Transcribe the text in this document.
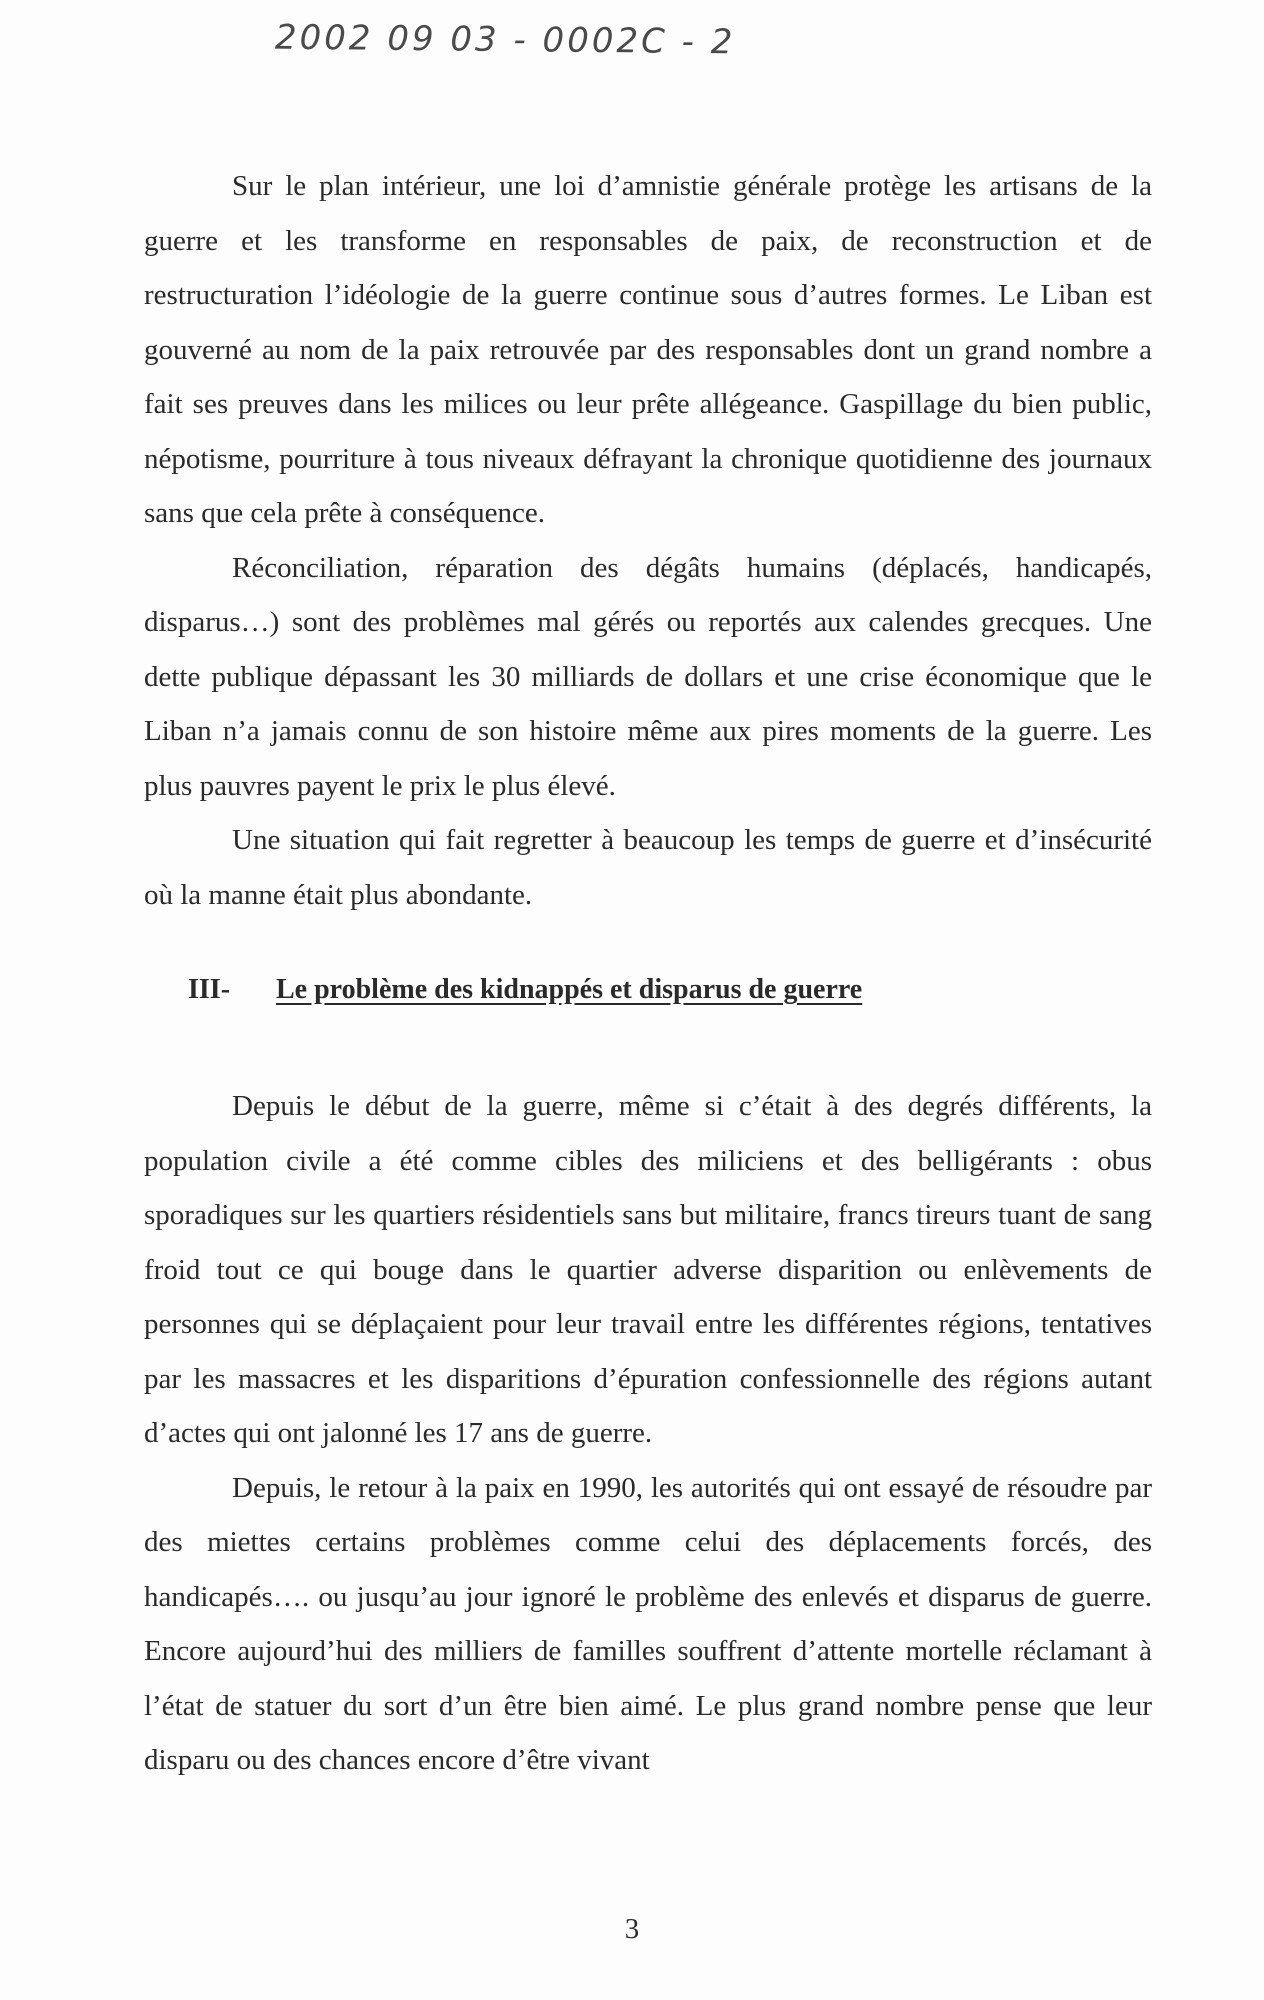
2002 09 03 - 0002C - 2

Sur le plan intérieur, une loi d’amnistie générale protège les artisans de la guerre et les transforme en responsables de paix, de reconstruction et de restructuration l’idéologie de la guerre continue sous d’autres formes. Le Liban est gouverné au nom de la paix retrouvée par des responsables dont un grand nombre a fait ses preuves dans les milices ou leur prête allégeance. Gaspillage du bien public, népotisme, pourriture à tous niveaux défrayant la chronique quotidienne des journaux sans que cela prête à conséquence.

Réconciliation, réparation des dégâts humains (déplacés, handicapés, disparus…) sont des problèmes mal gérés ou reportés aux calendes grecques. Une dette publique dépassant les 30 milliards de dollars et une crise économique que le Liban n’a jamais connu de son histoire même aux pires moments de la guerre. Les plus pauvres payent le prix le plus élevé.

Une situation qui fait regretter à beaucoup les temps de guerre et d’insécurité où la manne était plus abondante.

III- Le problème des kidnappés et disparus de guerre

Depuis le début de la guerre, même si c’était à des degrés différents, la population civile a été comme cibles des miliciens et des belligérants : obus sporadiques sur les quartiers résidentiels sans but militaire, francs tireurs tuant de sang froid tout ce qui bouge dans le quartier adverse disparition ou enlèvements de personnes qui se déplaçaient pour leur travail entre les différentes régions, tentatives par les massacres et les disparitions d’épuration confessionnelle des régions autant d’actes qui ont jalonné les 17 ans de guerre.

Depuis, le retour à la paix en 1990, les autorités qui ont essayé de résoudre par des miettes certains problèmes comme celui des déplacements forcés, des handicapés…. ou jusqu’au jour ignoré le problème des enlevés et disparus de guerre. Encore aujourd’hui des milliers de familles souffrent d’attente mortelle réclamant à l’état de statuer du sort d’un être bien aimé. Le plus grand nombre pense que leur disparu ou des chances encore d’être vivant

3
